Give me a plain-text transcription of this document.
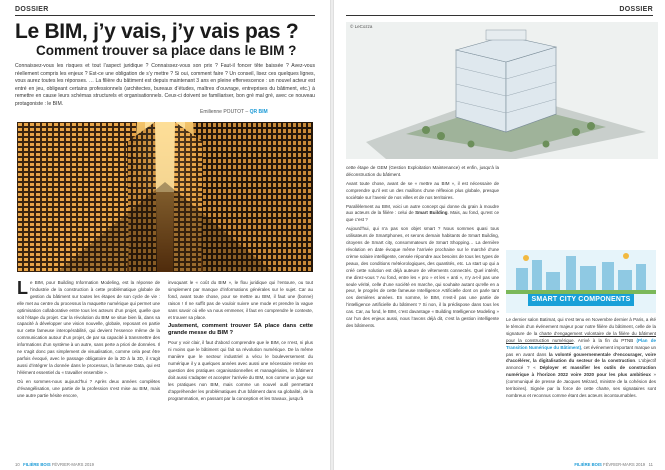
DOSSIER
Le BIM, j’y vais, j’y vais pas ?
Comment trouver sa place dans le BIM ?
Connaissez-vous les risques et tout l’aspect juridique ? Connaissez-vous son prix ? Faut-il foncer tête baissée ? Avez-vous réellement compris les enjeux ? Est-ce une obligation de s’y mettre ? Si oui, comment faire ? Un conseil, lisez ces quelques lignes, vous aurez toutes les réponses. … La filière du bâtiment est depuis maintenant 3 ans en pleine effervescence : un nouvel acteur est entré en jeu, obligeant certains professionnels (architectes, bureaux d’études, maîtres d’ouvrage, entreprises du bâtiment, etc.) à remettre en cause leurs schémas structurels et organisationnels. Ceux-ci doivent se familiariser, bon gré mal gré, avec ce nouveau protagoniste : le BIM.
Emilienne POUTOT – QR BIM

L e BIM, pour Building Information Modeling, est la réponse de l’industrie de la construction à cette problématique globale de gestion du bâtiment sur toutes les étapes de son cycle de vie : elle met au centre du processus la maquette numérique qui permet une optimisation collaborative entre tous les acteurs d’un projet, quelle que soit l’étape du projet. Car la révolution du BIM se situe bien là, dans sa capacité à développer une vision nouvelle, globale, reposant en partie sur cette fameuse interopérabilité, qui devient l’essence même de la communication autour d’un projet, de par sa capacité à transmettre des informations d’un système à un autre, sans perte a priori de données. Il ne s’agit donc pas simplement de visualisation, comme cela peut être parfois évoqué, avec le passage obligatoire de la 2D à la 3D, il s’agit aussi d’intégrer la donnée dans le processus, la fameuse Data, qui est l’élément essentiel du « travailler ensemble ».

Où en sommes-nous aujourd’hui ? Après deux années complètes d’évangélisation, une partie de la profession s’est mise au BIM, mais une autre partie hésite encore,

invoquant le « coût du BIM », le flou juridique qui l’entoure, ou tout simplement par manque d’informations générales sur le sujet. Car au fond, avant toute chose, pour se mettre au BIM, il faut une (bonne) raison ! Il ne suffit pas de vouloir suivre une mode et prendre la vague sans savoir où elle va nous emmener, il faut en comprendre le contexte, et trouver sa place.

Justement, comment trouver SA place dans cette grande messe du BIM ?

Pour y voir clair, il faut d’abord comprendre que le BIM, ce n’est, ni plus ni moins que le bâtiment qui fait sa révolution numérique. De la même manière que le secteur industriel a vécu le bouleversement du numérique il y a quelques années avec aussi une nécessaire remise en question des pratiques organisationnelles et managériales, le bâtiment doit aussi s’adapter et accepter l’arrivée du BIM, non comme un juge sur les pratiques non BIM, mais comme un nouvel outil permettant d’appréhender les problématiques d’un bâtiment dans sa globalité, de la programmation, en passant par la conception et les travaux, jusqu’à

10 FILIÈRE BOIS FÉVRIER-MARS 2019
DOSSIER
© LeCozza

cette étape de GEM (Gestion Exploitation Maintenance) et enfin, jusqu’à la déconstruction du bâtiment.

Avant toute chose, avant de se « mettre au BIM », il est nécessaire de comprendre qu’il est un des maillons d’une réflexion plus globale, presque sociétale sur l’avenir de nos villes et de nos territoires.

Parallèlement au BIM, voici un autre concept qui donne du grain à moudre aux acteurs de la filière : celui de Smart Building. Mais, au fond, qu’est ce que c’est ?

Aujourd’hui, qui n’a pas son objet smart ? Nous sommes quasi tous utilisateurs de Smartphones, et serons demain habitants de Smart Building, citoyens de Smart city, consommateurs de Smart Shopping… La dernière révolution en date évoque même l’arrivée prochaine sur le marché d’une crème solaire intelligente, censée répondre aux besoins de tous les types de peaux, des conditions météorologiques, des quantités, etc. La start up qui a créé cette solution est déjà auteure de vêtements connectés. Quel intérêt, me direz-vous ? Au fond, entre les « pro » et les « anti », n’y a-t-il pas une seule vérité, celle d’une société en marche, qui souhaite autant qu’elle en a peur, le progrès de cette fameuse Intelligence Artificielle dont on parle tant ces dernières années. En somme, le BIM, n’est-il pas une partie de l’intelligence artificielle du bâtiment ? Si non, il la prédispose dans tous les cas. Car, au fond, le BIM, c’est davantage « Building Intelligence Modeling » car l’un des enjeux aussi, nous l’avons déjà dit, c’est la gestion intelligente des bâtiments.

SMART CITY COMPONENTS

Le dernier salon Batimat, qui s’est tenu en Novembre dernier à Paris, a été le témoin d’un événement majeur pour notre filière du bâtiment, celle de la signature de la charte d’engagement volontaire de la filière du bâtiment pour la construction numérique. Arrivé à la fin du PTNB (Plan de Transition Numérique du Bâtiment), cet événement important marque un pas en avant dans la volonté gouvernementale d’encourager, voire d’accélérer, la digitalisation du secteur de la construction. L’objectif annoncé ? « Déployer et massifier les outils de construction numérique à l’horizon 2022 voire 2020 pour les plus ambitieux » (communiqué de presse de Jacques Mézard, ministre de la cohésion des territoires). Signée par la force de cette charte, ses signataires sont nombreux et reconnus comme étant des acteurs incontournables.

FILIÈRE BOIS FÉVRIER-MARS 2019 11
